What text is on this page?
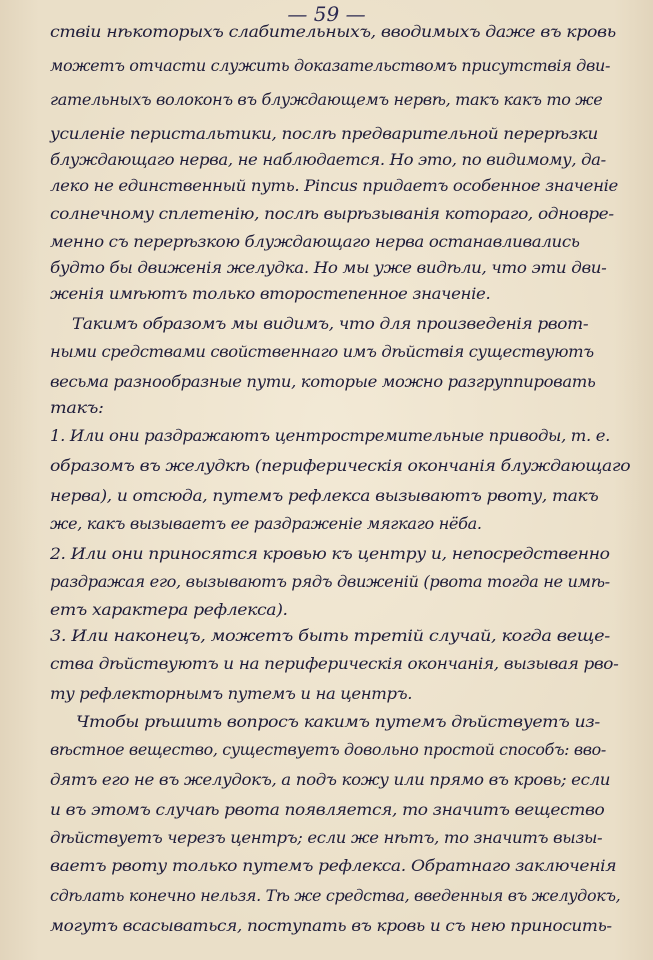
— 59 —
ствіи нѣкоторыхъ слабительныхъ, вводимыхъ даже въ кровь
можетъ отчасти служить доказательствомъ присутствія дви-
гательныхъ волоконъ въ блуждающемъ нервѣ, такъ какъ то же
усиленіе перистальтики, послѣ предварительной перерѣзки
блуждающаго нерва, не наблюдается. Но это, по видимому, да-
леко не единственный путь. Pincus придаетъ особенное значеніе
солнечному сплетенію, послѣ вырѣзыванія котораго, одновре-
менно съ перерѣзкою блуждающаго нерва останавливались
будто бы движенія желудка. Но мы уже видѣли, что эти дви-
женія имѣютъ только второстепенное значеніе.
Такимъ образомъ мы видимъ, что для произведенія рвот-
ными средствами свойственнаго имъ дѣйствія существуютъ
весьма разнообразные пути, которые можно разгруппировать
такъ:
1. Или они раздражаютъ центростремительные приводы, т. е.
образомъ въ желудкѣ (периферическія окончанія блуждающаго
нерва), и отсюда, путемъ рефлекса вызываютъ рвоту, такъ
же, какъ вызываетъ ее раздраженіе мягкаго нёба.
2. Или они приносятся кровью къ центру и, непосредственно
раздражая его, вызываютъ рядъ движеній (рвота тогда не имѣ-
етъ характера рефлекса).
3. Или наконецъ, можетъ быть третій случай, когда веще-
ства дѣйствуютъ и на периферическія окончанія, вызывая рво-
ту рефлекторнымъ путемъ и на центръ.
Чтобы рѣшить вопросъ какимъ путемъ дѣйствуетъ из-
вѣстное вещество, существуетъ довольно простой способъ: вво-
дятъ его не въ желудокъ, а подъ кожу или прямо въ кровь; если
и въ этомъ случаѣ рвота появляется, то значитъ вещество
дѣйствуетъ черезъ центръ; если же нѣтъ, то значитъ вызы-
ваетъ рвоту только путемъ рефлекса. Обратнаго заключенія
сдѣлать конечно нельзя. Тѣ же средства, введенныя въ желудокъ,
могутъ всасываться, поступать въ кровь и съ нею приносить-
